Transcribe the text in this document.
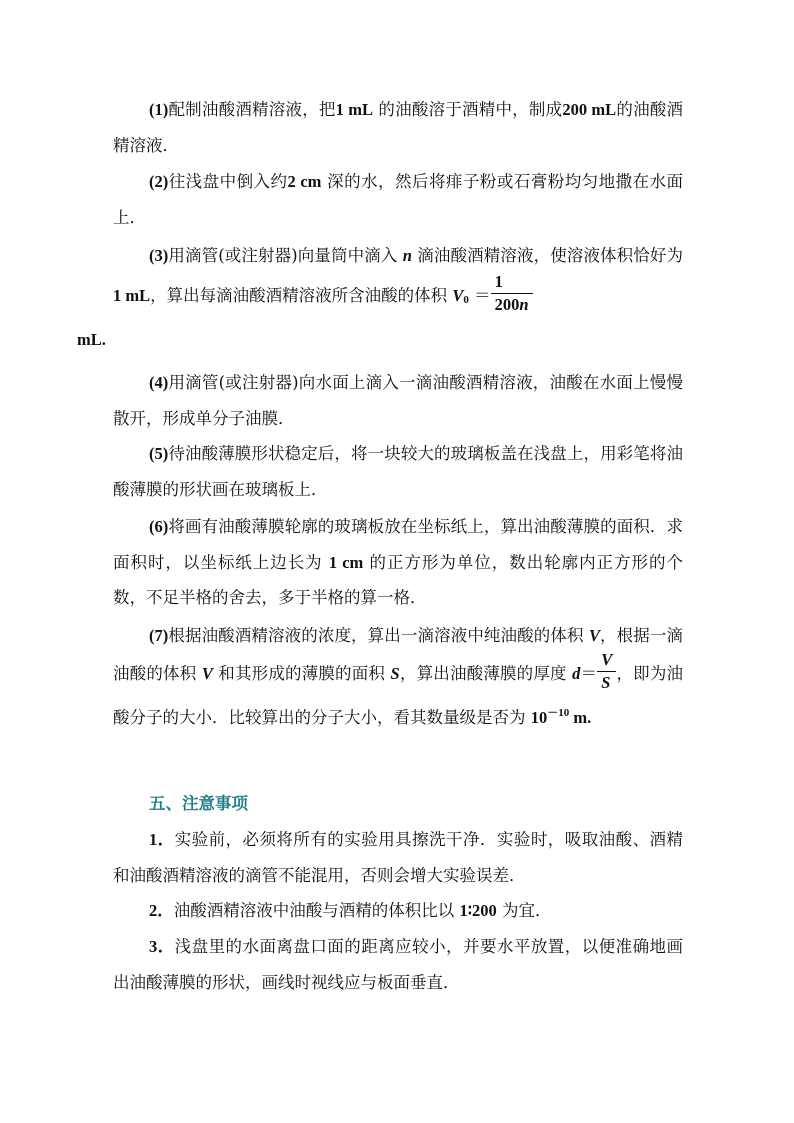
(1)配制油酸酒精溶液，把1 mL 的油酸溶于酒精中，制成200 mL的油酸酒精溶液．

(2)往浅盘中倒入约2 cm 深的水，然后将痱子粉或石膏粉均匀地撒在水面上．

(3)用滴管(或注射器)向量筒中滴入 n 滴油酸酒精溶液，使溶液体积恰好为 1 mL，算出每滴油酸酒精溶液所含油酸的体积 $V_0 = \frac{1}{200n}$

mL.

(4)用滴管(或注射器)向水面上滴入一滴油酸酒精溶液，油酸在水面上慢慢散开，形成单分子油膜．

(5)待油酸薄膜形状稳定后，将一块较大的玻璃板盖在浅盘上，用彩笔将油酸薄膜的形状画在玻璃板上．

(6)将画有油酸薄膜轮廓的玻璃板放在坐标纸上，算出油酸薄膜的面积．求面积时，以坐标纸上边长为 1 cm 的正方形为单位，数出轮廓内正方形的个数，不足半格的舍去，多于半格的算一格．

(7)根据油酸酒精溶液的浓度，算出一滴溶液中纯油酸的体积 V，根据一滴油酸的体积 V 和其形成的薄膜的面积 S，算出油酸薄膜的厚度 $d= \frac{V}{S}$ ，即为油酸分子的大小．比较算出的分子大小，看其数量级是否为 $10^{-10}$ m.

五、注意事项

1．实验前，必须将所有的实验用具擦洗干净．实验时，吸取油酸、酒精和油酸酒精溶液的滴管不能混用，否则会增大实验误差．

2．油酸酒精溶液中油酸与酒精的体积比以 1∶200 为宜．

3．浅盘里的水面离盘口面的距离应较小，并要水平放置，以便准确地画出油酸薄膜的形状，画线时视线应与板面垂直．
